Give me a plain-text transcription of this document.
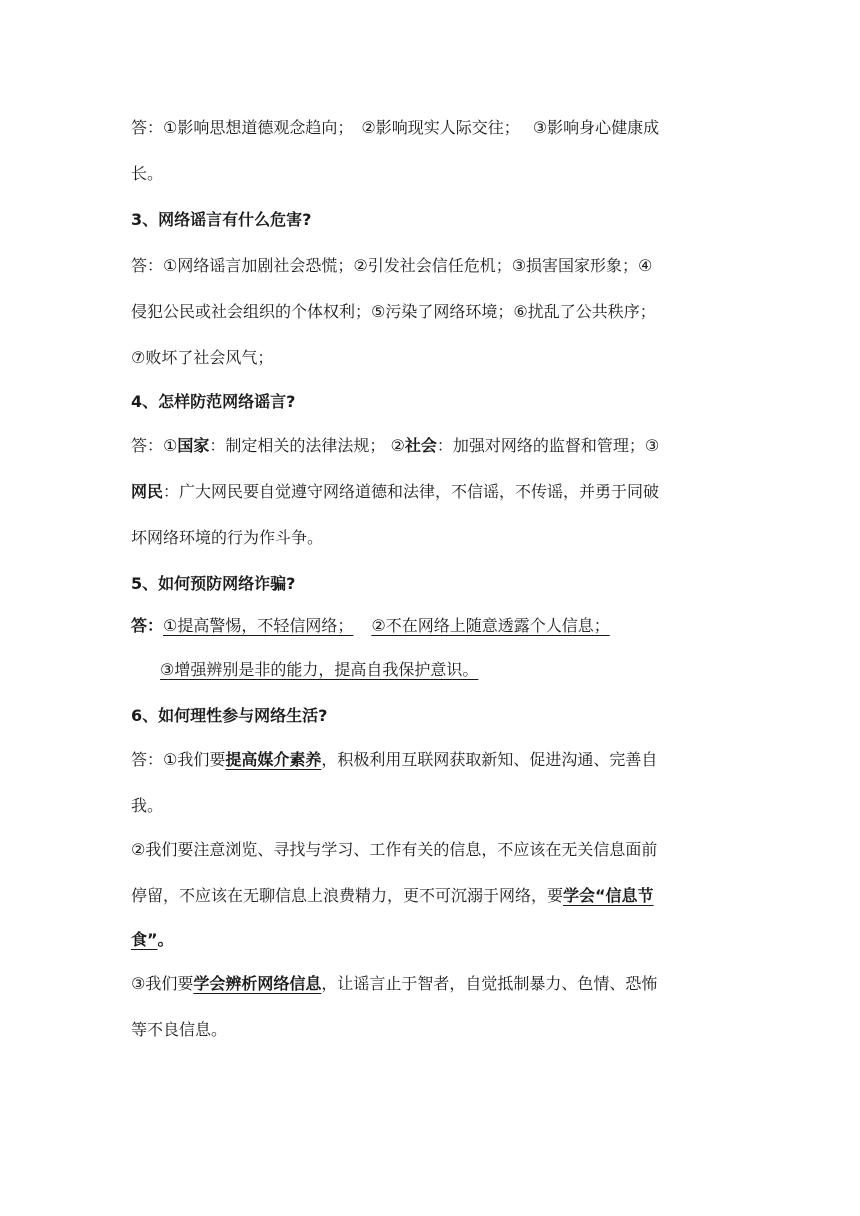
答：①影响思想道德观念趋向；　②影响现实人际交往；　 ③影响身心健康成
长。
3、网络谣言有什么危害?
答：①网络谣言加剧社会恐慌；②引发社会信任危机；③损害国家形象；④
侵犯公民或社会组织的个体权利；⑤污染了网络环境；⑥扰乱了公共秩序；
⑦败坏了社会风气；
4、怎样防范网络谣言?
答：①国家：制定相关的法律法规； ②社会：加强对网络的监督和管理；③
网民：广大网民要自觉遵守网络道德和法律，不信谣，不传谣，并勇于同破
坏网络环境的行为作斗争。
5、如何预防网络诈骗?
答：①提高警惕，不轻信网络； ②不在网络上随意透露个人信息；
③增强辨别是非的能力，提高自我保护意识。
6、如何理性参与网络生活?
答：①我们要提高媒介素养，积极利用互联网获取新知、促进沟通、完善自
我。
②我们要注意浏览、寻找与学习、工作有关的信息，不应该在无关信息面前
停留，不应该在无聊信息上浪费精力，更不可沉溺于网络，要学会“信息节
食”。
③我们要学会辨析网络信息，让谣言止于智者，自觉抵制暴力、色情、恐怖
等不良信息。
